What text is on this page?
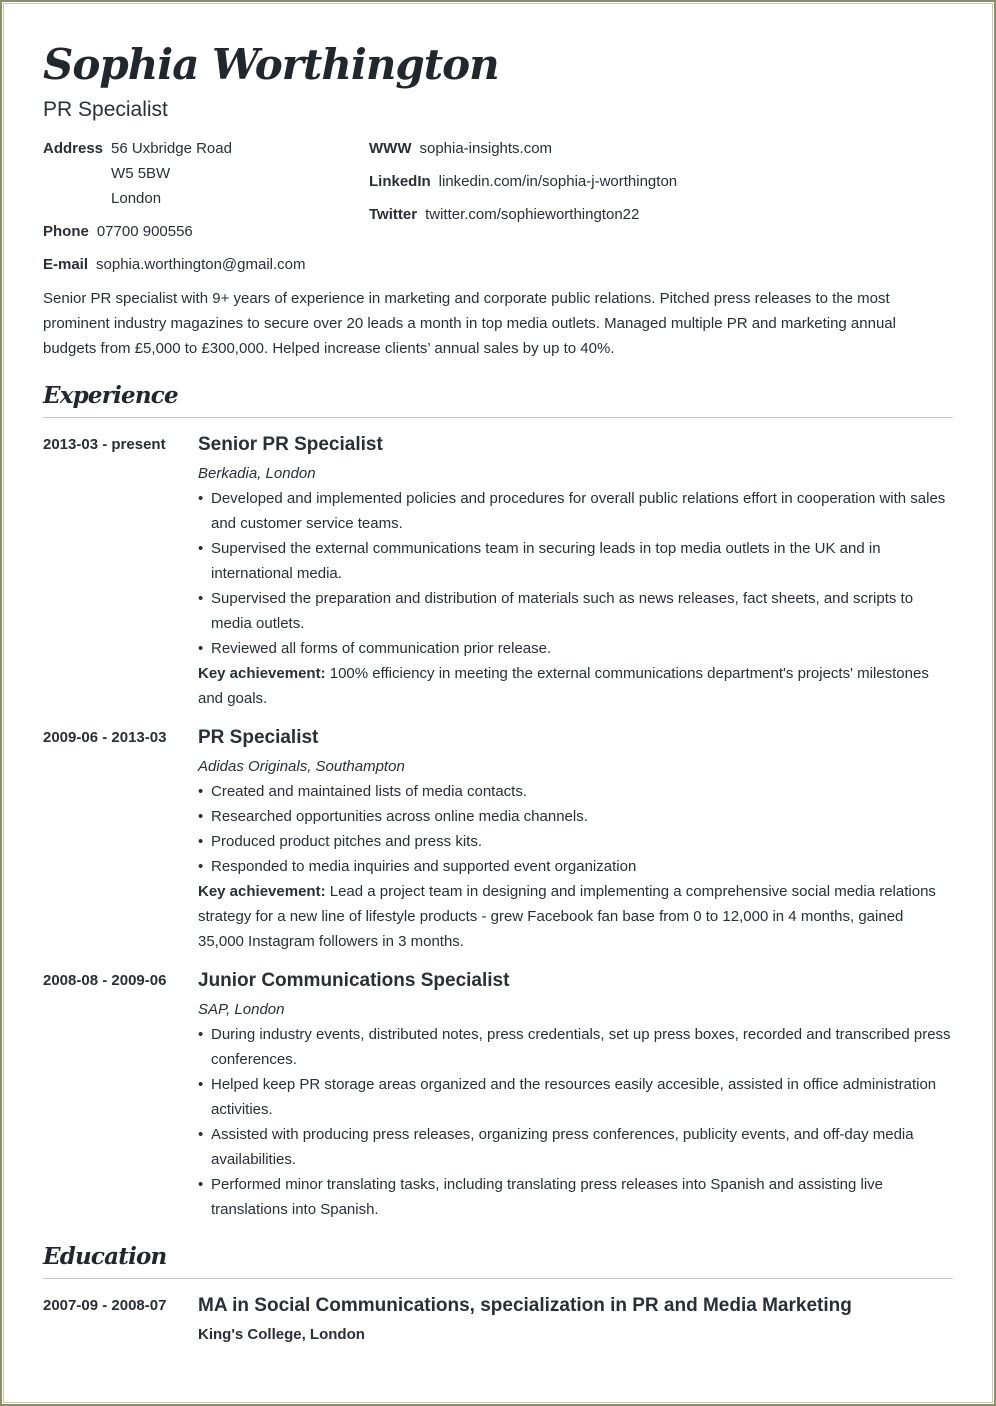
Sophia Worthington
PR Specialist
Address 56 Uxbridge Road
W5 5BW
London
Phone 07700 900556
E-mail sophia.worthington@gmail.com
WWW sophia-insights.com
LinkedIn linkedin.com/in/sophia-j-worthington
Twitter twitter.com/sophieworthington22

Senior PR specialist with 9+ years of experience in marketing and corporate public relations. Pitched press releases to the most prominent industry magazines to secure over 20 leads a month in top media outlets. Managed multiple PR and marketing annual budgets from £5,000 to £300,000. Helped increase clients’ annual sales by up to 40%.

Experience
2013-03 - present	Senior PR Specialist
Berkadia, London
• Developed and implemented policies and procedures for overall public relations effort in cooperation with sales and customer service teams.
• Supervised the external communications team in securing leads in top media outlets in the UK and in international media.
• Supervised the preparation and distribution of materials such as news releases, fact sheets, and scripts to media outlets.
• Reviewed all forms of communication prior release.
Key achievement: 100% efficiency in meeting the external communications department's projects' milestones and goals.
2009-06 - 2013-03	PR Specialist
Adidas Originals, Southampton
• Created and maintained lists of media contacts.
• Researched opportunities across online media channels.
• Produced product pitches and press kits.
• Responded to media inquiries and supported event organization
Key achievement: Lead a project team in designing and implementing a comprehensive social media relations strategy for a new line of lifestyle products - grew Facebook fan base from 0 to 12,000 in 4 months, gained 35,000 Instagram followers in 3 months.
2008-08 - 2009-06	Junior Communications Specialist
SAP, London
• During industry events, distributed notes, press credentials, set up press boxes, recorded and transcribed press conferences.
• Helped keep PR storage areas organized and the resources easily accesible, assisted in office administration activities.
• Assisted with producing press releases, organizing press conferences, publicity events, and off-day media availabilities.
• Performed minor translating tasks, including translating press releases into Spanish and assisting live translations into Spanish.
Education
2007-09 - 2008-07	MA in Social Communications, specialization in PR and Media Marketing
King's College, London
